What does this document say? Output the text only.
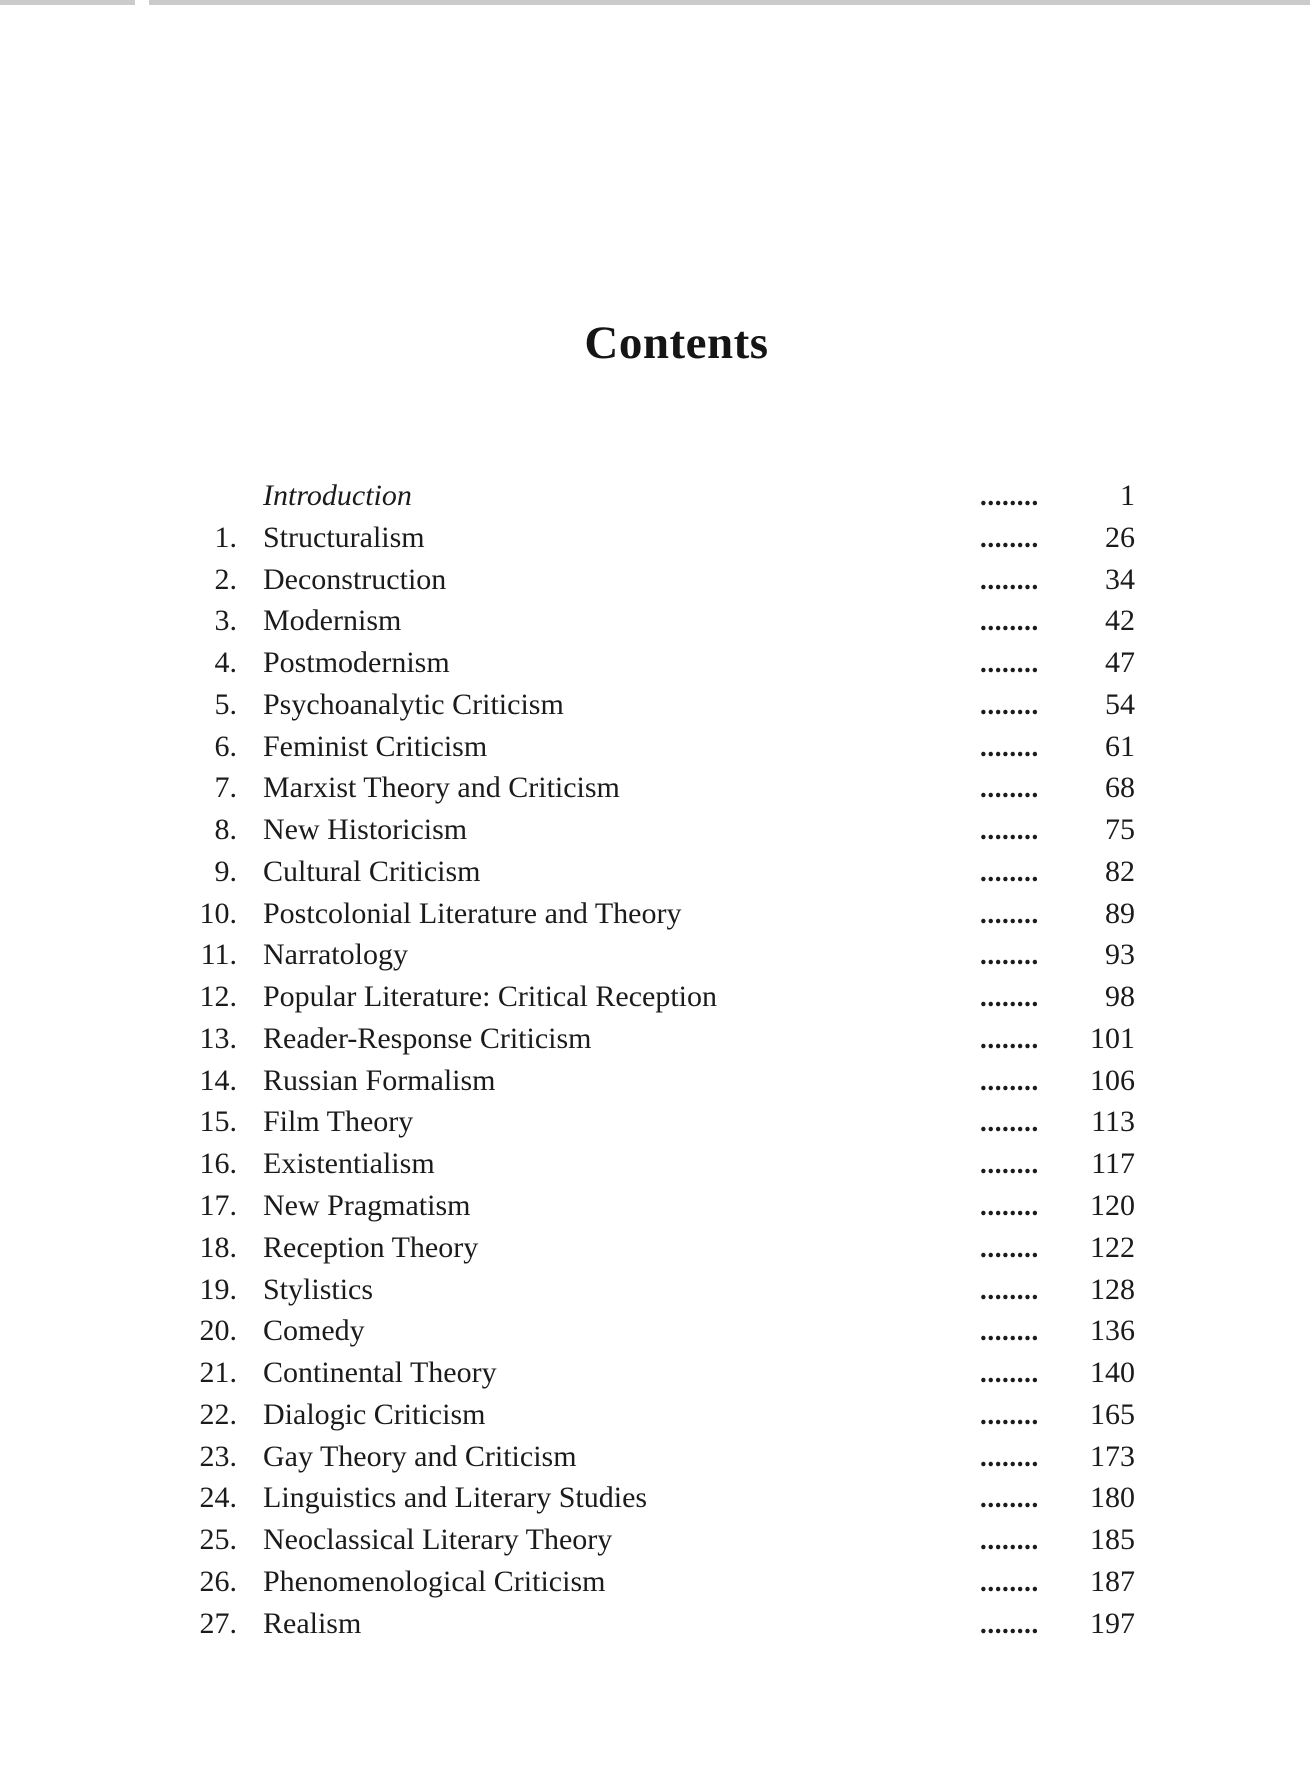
Contents
Introduction	........	1
1. Structuralism	........	26
2. Deconstruction	........	34
3. Modernism	........	42
4. Postmodernism	........	47
5. Psychoanalytic Criticism	........	54
6. Feminist Criticism	........	61
7. Marxist Theory and Criticism	........	68
8. New Historicism	........	75
9. Cultural Criticism	........	82
10. Postcolonial Literature and Theory	........	89
11. Narratology	........	93
12. Popular Literature: Critical Reception	........	98
13. Reader-Response Criticism	........	101
14. Russian Formalism	........	106
15. Film Theory	........	113
16. Existentialism	........	117
17. New Pragmatism	........	120
18. Reception Theory	........	122
19. Stylistics	........	128
20. Comedy	........	136
21. Continental Theory	........	140
22. Dialogic Criticism	........	165
23. Gay Theory and Criticism	........	173
24. Linguistics and Literary Studies	........	180
25. Neoclassical Literary Theory	........	185
26. Phenomenological Criticism	........	187
27. Realism	........	197
